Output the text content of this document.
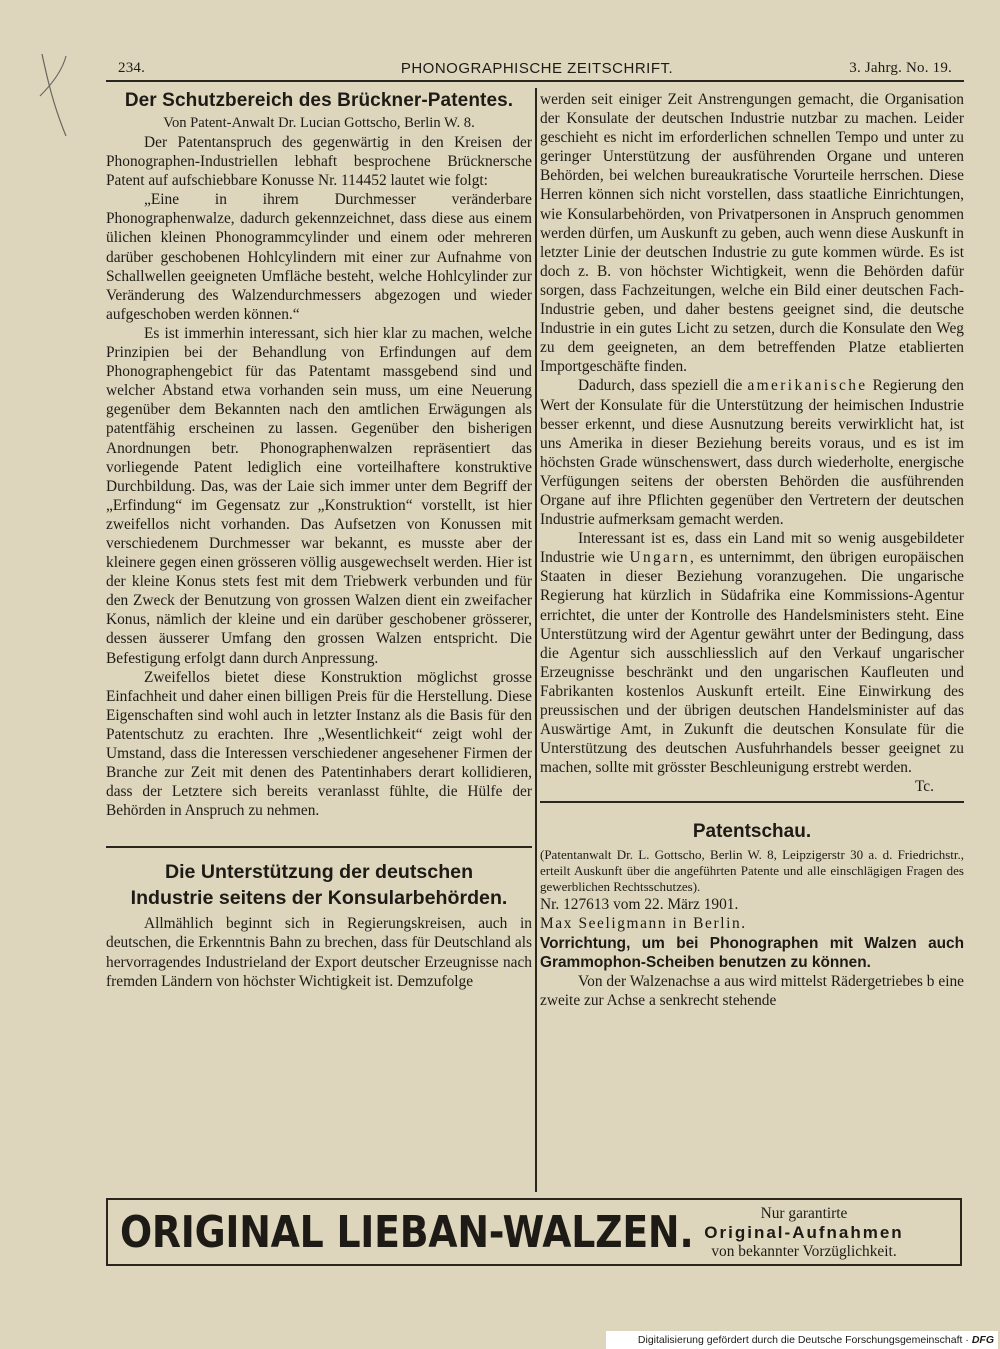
234.	PHONOGRAPHISCHE ZEITSCHRIFT.	3. Jahrg. No. 19.
Der Schutzbereich des Brückner-Patentes.
Von Patent-Anwalt Dr. Lucian Gottscho, Berlin W. 8.

Der Patentanspruch des gegenwärtig in den Kreisen der Phonographen-Industriellen lebhaft besprochene Brücknersche Patent auf aufschiebbare Konusse Nr. 114452 lautet wie folgt:

„Eine in ihrem Durchmesser veränderbare Phonographenwalze, dadurch gekennzeichnet, dass diese aus einem ülichen kleinen Phonogrammcylinder und einem oder mehreren darüber geschobenen Hohlcylindern mit einer zur Aufnahme von Schallwellen geeigneten Umfläche besteht, welche Hohlcylinder zur Veränderung des Walzendurchmessers abgezogen und wieder aufgeschoben werden können.“

Es ist immerhin interessant, sich hier klar zu machen, welche Prinzipien bei der Behandlung von Erfindungen auf dem Phonographengebict für das Patentamt massgebend sind und welcher Abstand etwa vorhanden sein muss, um eine Neuerung gegenüber dem Bekannten nach den amtlichen Erwägungen als patentfähig erscheinen zu lassen. Gegenüber den bisherigen Anordnungen betr. Phonographenwalzen repräsentiert das vorliegende Patent lediglich eine vorteilhaftere konstruktive Durchbildung. Das, was der Laie sich immer unter dem Begriff der „Erfindung“ im Gegensatz zur „Konstruktion“ vorstellt, ist hier zweifellos nicht vorhanden. Das Aufsetzen von Konussen mit verschiedenem Durchmesser war bekannt, es musste aber der kleinere gegen einen grösseren völlig ausgewechselt werden. Hier ist der kleine Konus stets fest mit dem Triebwerk verbunden und für den Zweck der Benutzung von grossen Walzen dient ein zweifacher Konus, nämlich der kleine und ein darüber geschobener grösserer, dessen äusserer Umfang den grossen Walzen entspricht. Die Befestigung erfolgt dann durch Anpressung.

Zweifellos bietet diese Konstruktion möglichst grosse Einfachheit und daher einen billigen Preis für die Herstellung. Diese Eigenschaften sind wohl auch in letzter Instanz als die Basis für den Patentschutz zu erachten. Ihre „Wesentlichkeit“ zeigt wohl der Umstand, dass die Interessen verschiedener angesehener Firmen der Branche zur Zeit mit denen des Patentinhabers derart kollidieren, dass der Letztere sich bereits veranlasst fühlte, die Hülfe der Behörden in Anspruch zu nehmen.

Die Unterstützung der deutschen
Industrie seitens der Konsularbehörden.

Allmählich beginnt sich in Regierungskreisen, auch in deutschen, die Erkenntnis Bahn zu brechen, dass für Deutschland als hervorragendes Industrieland der Export deutscher Erzeugnisse nach fremden Ländern von höchster Wichtigkeit ist. Demzufolge

werden seit einiger Zeit Anstrengungen gemacht, die Organisation der Konsulate der deutschen Industrie nutzbar zu machen. Leider geschieht es nicht im erforderlichen schnellen Tempo und unter zu geringer Unterstützung der ausführenden Organe und unteren Behörden, bei welchen bureaukratische Vorurteile herrschen. Diese Herren können sich nicht vorstellen, dass staatliche Einrichtungen, wie Konsularbehörden, von Privatpersonen in Anspruch genommen werden dürfen, um Auskunft zu geben, auch wenn diese Auskunft in letzter Linie der deutschen Industrie zu gute kommen würde. Es ist doch z. B. von höchster Wichtigkeit, wenn die Behörden dafür sorgen, dass Fachzeitungen, welche ein Bild einer deutschen Fach-Industrie geben, und daher bestens geeignet sind, die deutsche Industrie in ein gutes Licht zu setzen, durch die Konsulate den Weg zu dem geeigneten, an dem betreffenden Platze etablierten Importgeschäfte finden.

Dadurch, dass speziell die amerikanische Regierung den Wert der Konsulate für die Unterstützung der heimischen Industrie besser erkennt, und diese Ausnutzung bereits verwirklicht hat, ist uns Amerika in dieser Beziehung bereits voraus, und es ist im höchsten Grade wünschenswert, dass durch wiederholte, energische Verfügungen seitens der obersten Behörden die ausführenden Organe auf ihre Pflichten gegenüber den Vertretern der deutschen Industrie aufmerksam gemacht werden.

Interessant ist es, dass ein Land mit so wenig ausgebildeter Industrie wie Ungarn, es unternimmt, den übrigen europäischen Staaten in dieser Beziehung voranzugehen. Die ungarische Regierung hat kürzlich in Südafrika eine Kommissions-Agentur errichtet, die unter der Kontrolle des Handelsministers steht. Eine Unterstützung wird der Agentur gewährt unter der Bedingung, dass die Agentur sich ausschliesslich auf den Verkauf ungarischer Erzeugnisse beschränkt und den ungarischen Kaufleuten und Fabrikanten kostenlos Auskunft erteilt. Eine Einwirkung des preussischen und der übrigen deutschen Handelsminister auf das Auswärtige Amt, in Zukunft die deutschen Konsulate für die Unterstützung des deutschen Ausfuhrhandels besser geeignet zu machen, sollte mit grösster Beschleunigung erstrebt werden.
Tc.

Patentschau.

(Patentanwalt Dr. L. Gottscho, Berlin W. 8, Leipzigerstr 30 a. d. Friedrichstr., erteilt Auskunft über die angeführten Patente und alle einschlägigen Fragen des gewerblichen Rechtsschutzes).

Nr. 127613 vom 22. März 1901.

Max Seeligmann in Berlin.

Vorrichtung, um bei Phonographen mit Walzen auch Grammophon-Scheiben benutzen zu können.

Von der Walzenachse a aus wird mittelst Rädergetriebes b eine zweite zur Achse a senkrecht stehende

ORIGINAL LIEBAN-WALZEN.	Nur garantirte
Original-Aufnahmen
von bekannter Vorzüglichkeit.
Digitalisierung gefördert durch die Deutsche Forschungsgemeinschaft · DFG
